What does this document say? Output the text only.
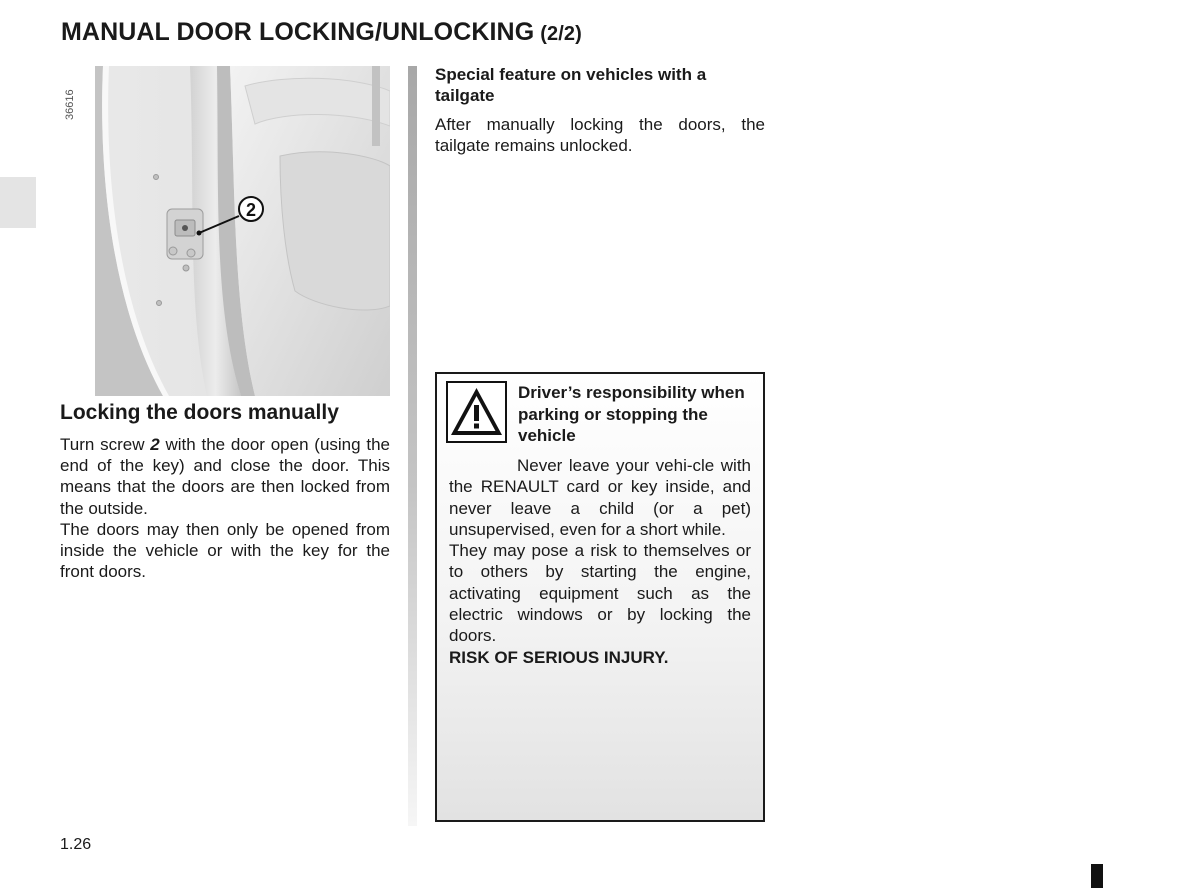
MANUAL DOOR LOCKING/UNLOCKING (2/2)
36616
2
Locking the doors manually

Turn screw 2 with the door open (using the end of the key) and close the door. This means that the doors are then locked from the outside.

The doors may then only be opened from inside the vehicle or with the key for the front doors.

Special feature on vehicles with a tailgate
After manually locking the doors, the tailgate remains unlocked.
Driver’s responsibility when parking or stopping the vehicle

Never leave your vehi-cle with the RENAULT card or key inside, and never leave a child (or a pet) unsupervised, even for a short while.

They may pose a risk to themselves or to others by starting the engine, activating equipment such as the electric windows or by locking the doors.

RISK OF SERIOUS INJURY.

1.26
